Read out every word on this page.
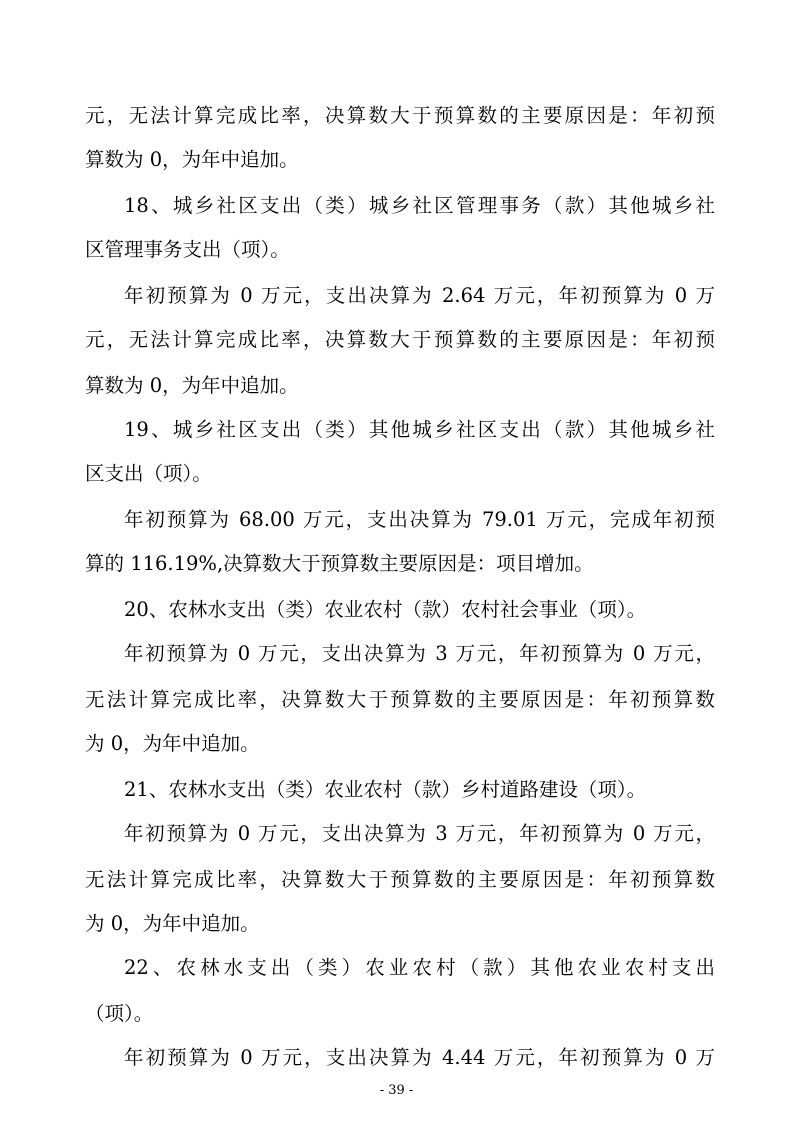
元，无法计算完成比率，决算数大于预算数的主要原因是：年初预
算数为 0，为年中追加。
18、城乡社区支出（类）城乡社区管理事务（款）其他城乡社
区管理事务支出（项）。
年初预算为 0 万元，支出决算为 2.64 万元，年初预算为 0 万
元，无法计算完成比率，决算数大于预算数的主要原因是：年初预
算数为 0，为年中追加。
19、城乡社区支出（类）其他城乡社区支出（款）其他城乡社
区支出（项）。
年初预算为 68.00 万元，支出决算为 79.01 万元，完成年初预
算的 116.19%,决算数大于预算数主要原因是：项目增加。
20、农林水支出（类）农业农村（款）农村社会事业（项）。
年初预算为 0 万元，支出决算为 3 万元，年初预算为 0 万元，
无法计算完成比率，决算数大于预算数的主要原因是：年初预算数
为 0，为年中追加。
21、农林水支出（类）农业农村（款）乡村道路建设（项）。
年初预算为 0 万元，支出决算为 3 万元，年初预算为 0 万元，
无法计算完成比率，决算数大于预算数的主要原因是：年初预算数
为 0，为年中追加。
22、农林水支出（类）农业农村（款）其他农业农村支出
（项）。
年初预算为 0 万元，支出决算为 4.44 万元，年初预算为 0 万
- 39 -
